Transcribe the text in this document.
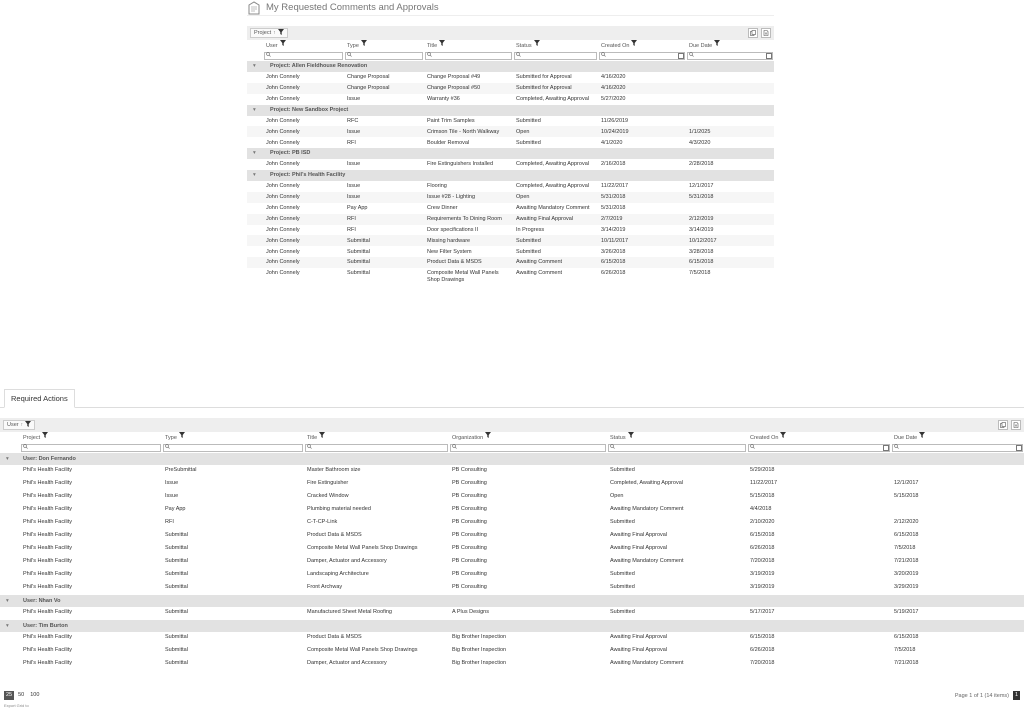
My Requested Comments and Approvals
Project ↑
	User	Type	Title	Status	Created On	Due Date

▾ Project: Allen Fieldhouse Renovation						
	John Connely	Change Proposal	Change Proposal #49	Submitted for Approval	4/16/2020	
	John Connely	Change Proposal	Change Proposal #50	Submitted for Approval	4/16/2020	
	John Connely	Issue	Warranty #36	Completed, Awaiting Approval	5/27/2020	
▾ Project: New Sandbox Project						
	John Connely	RFC	Paint Trim Samples	Submitted	11/26/2019	
	John Connely	Issue	Crimson Tile - North Walkway	Open	10/24/2019	1/1/2025
	John Connely	RFI	Boulder Removal	Submitted	4/1/2020	4/3/2020
▾ Project: PB ISD						
	John Connely	Issue	Fire Extinguishers Installed	Completed, Awaiting Approval	2/16/2018	2/28/2018
▾ Project: Phil's Health Facility						
	John Connely	Issue	Flooring	Completed, Awaiting Approval	11/22/2017	12/1/2017
	John Connely	Issue	Issue #28 - Lighting	Open	5/31/2018	5/31/2018
	John Connely	Pay App	Crew Dinner	Awaiting Mandatory Comment	5/31/2018	
	John Connely	RFI	Requirements To Dining Room	Awaiting Final Approval	2/7/2019	2/12/2019
	John Connely	RFI	Door specifications II	In Progress	3/14/2019	3/14/2019
	John Connely	Submittal	Missing hardware	Submitted	10/11/2017	10/12/2017
	John Connely	Submittal	New Filter System	Submitted	3/26/2018	3/28/2018
	John Connely	Submittal	Product Data & MSDS	Awaiting Comment	6/15/2018	6/15/2018
	John Connely	Submittal	Composite Metal Wall Panels Shop Drawings	Awaiting Comment	6/26/2018	7/5/2018
Required Actions
User ↑
	Project	Type	Title	Organization	Status	Created On	Due Date

▾ User: Don Fernando							
	Phil's Health Facility	PreSubmittal	Master Bathroom size	PB Consulting	Submitted	5/29/2018	
	Phil's Health Facility	Issue	Fire Extinguisher	PB Consulting	Completed, Awaiting Approval	11/22/2017	12/1/2017
	Phil's Health Facility	Issue	Cracked Window	PB Consulting	Open	5/15/2018	5/15/2018
	Phil's Health Facility	Pay App	Plumbing material needed	PB Consulting	Awaiting Mandatory Comment	4/4/2018	
	Phil's Health Facility	RFI	C-T-CP-Link	PB Consulting	Submitted	2/10/2020	2/12/2020
	Phil's Health Facility	Submittal	Product Data & MSDS	PB Consulting	Awaiting Final Approval	6/15/2018	6/15/2018
	Phil's Health Facility	Submittal	Composite Metal Wall Panels Shop Drawings	PB Consulting	Awaiting Final Approval	6/26/2018	7/5/2018
	Phil's Health Facility	Submittal	Damper, Actuator and Accessory	PB Consulting	Awaiting Mandatory Comment	7/20/2018	7/21/2018
	Phil's Health Facility	Submittal	Landscaping Architecture	PB Consulting	Submitted	3/19/2019	3/20/2019
	Phil's Health Facility	Submittal	Front Archway	PB Consulting	Submitted	3/19/2019	3/29/2019
▾ User: Nhan Vo							
	Phil's Health Facility	Submittal	Manufactured Sheet Metal Roofing	A Plus Designs	Submitted	5/17/2017	5/19/2017
▾ User: Tim Burton							
	Phil's Health Facility	Submittal	Product Data & MSDS	Big Brother Inspection	Awaiting Final Approval	6/15/2018	6/15/2018
	Phil's Health Facility	Submittal	Composite Metal Wall Panels Shop Drawings	Big Brother Inspection	Awaiting Final Approval	6/26/2018	7/5/2018
	Phil's Health Facility	Submittal	Damper, Actuator and Accessory	Big Brother Inspection	Awaiting Mandatory Comment	7/20/2018	7/21/2018
25 50 100	Page 1 of 1 (14 items)	1
Export Grid to
